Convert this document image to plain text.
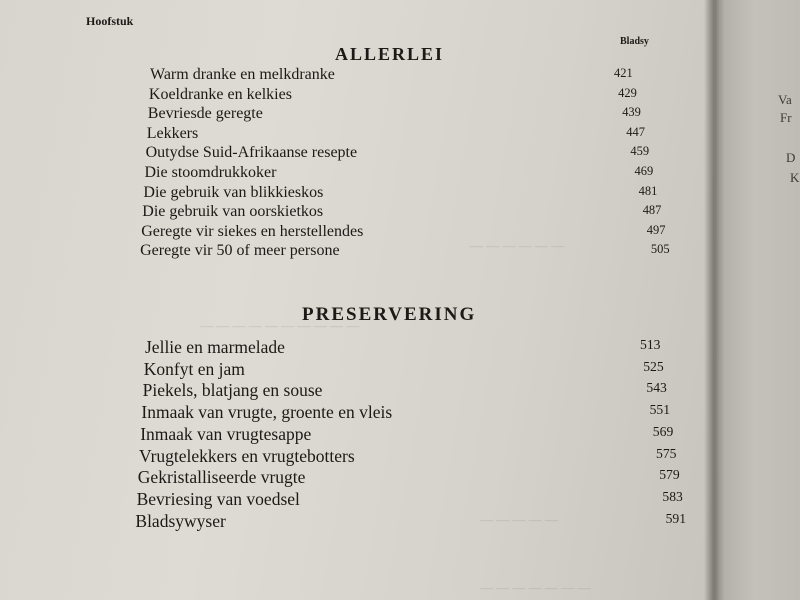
— — — — — —
— — — — — — — — — —
— — — — —
— — — — — — —
Hoofstuk
Bladsy
ALLERLEI
Warm dranke en melkdranke	421
Koeldranke en kelkies	429
Bevriesde geregte	439
Lekkers	447
Outydse Suid-Afrikaanse resepte	459
Die stoomdrukkoker	469
Die gebruik van blikkieskos	481
Die gebruik van oorskietkos	487
Geregte vir siekes en herstellendes	497
Geregte vir 50 of meer persone	505
PRESERVERING
Jellie en marmelade	513
Konfyt en jam	525
Piekels, blatjang en souse	543
Inmaak van vrugte, groente en vleis	551
Inmaak van vrugtesappe	569
Vrugtelekkers en vrugtebotters	575
Gekristalliseerde vrugte	579
Bevriesing van voedsel	583
Bladsywyser	591
Va
Fr
D
K
